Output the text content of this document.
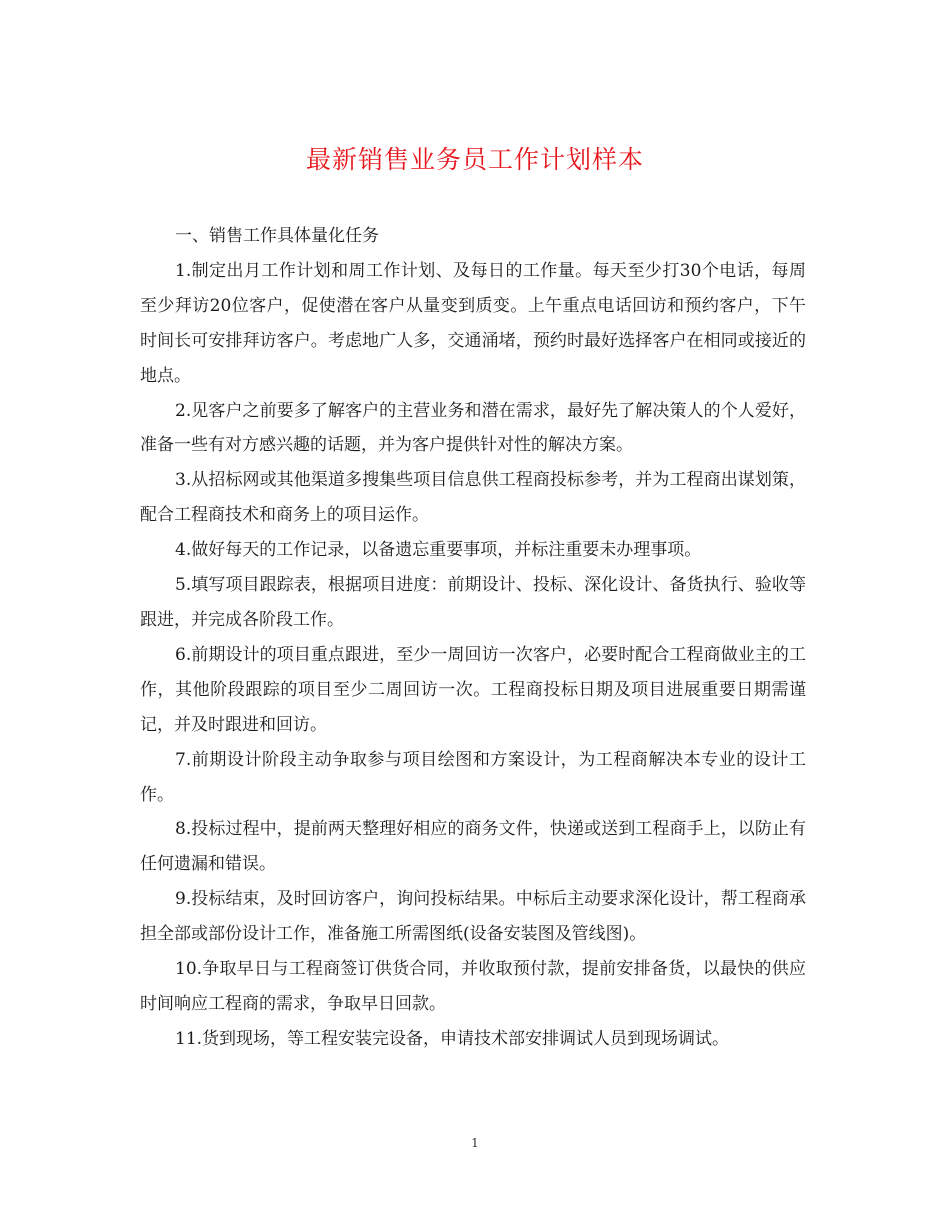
最新销售业务员工作计划样本

一、销售工作具体量化任务

1.制定出月工作计划和周工作计划、及每日的工作量。每天至少打30个电话，每周至少拜访20位客户，促使潜在客户从量变到质变。上午重点电话回访和预约客户，下午时间长可安排拜访客户。考虑地广人多，交通涌堵，预约时最好选择客户在相同或接近的地点。

2.见客户之前要多了解客户的主营业务和潜在需求，最好先了解决策人的个人爱好，准备一些有对方感兴趣的话题，并为客户提供针对性的解决方案。

3.从招标网或其他渠道多搜集些项目信息供工程商投标参考，并为工程商出谋划策，配合工程商技术和商务上的项目运作。

4.做好每天的工作记录，以备遗忘重要事项，并标注重要未办理事项。

5.填写项目跟踪表，根据项目进度：前期设计、投标、深化设计、备货执行、验收等跟进，并完成各阶段工作。

6.前期设计的项目重点跟进，至少一周回访一次客户，必要时配合工程商做业主的工作，其他阶段跟踪的项目至少二周回访一次。工程商投标日期及项目进展重要日期需谨记，并及时跟进和回访。

7.前期设计阶段主动争取参与项目绘图和方案设计，为工程商解决本专业的设计工作。

8.投标过程中，提前两天整理好相应的商务文件，快递或送到工程商手上，以防止有任何遗漏和错误。

9.投标结束，及时回访客户，询问投标结果。中标后主动要求深化设计，帮工程商承担全部或部份设计工作，准备施工所需图纸(设备安装图及管线图)。

10.争取早日与工程商签订供货合同，并收取预付款，提前安排备货，以最快的供应时间响应工程商的需求，争取早日回款。

11.货到现场，等工程安装完设备，申请技术部安排调试人员到现场调试。

1
